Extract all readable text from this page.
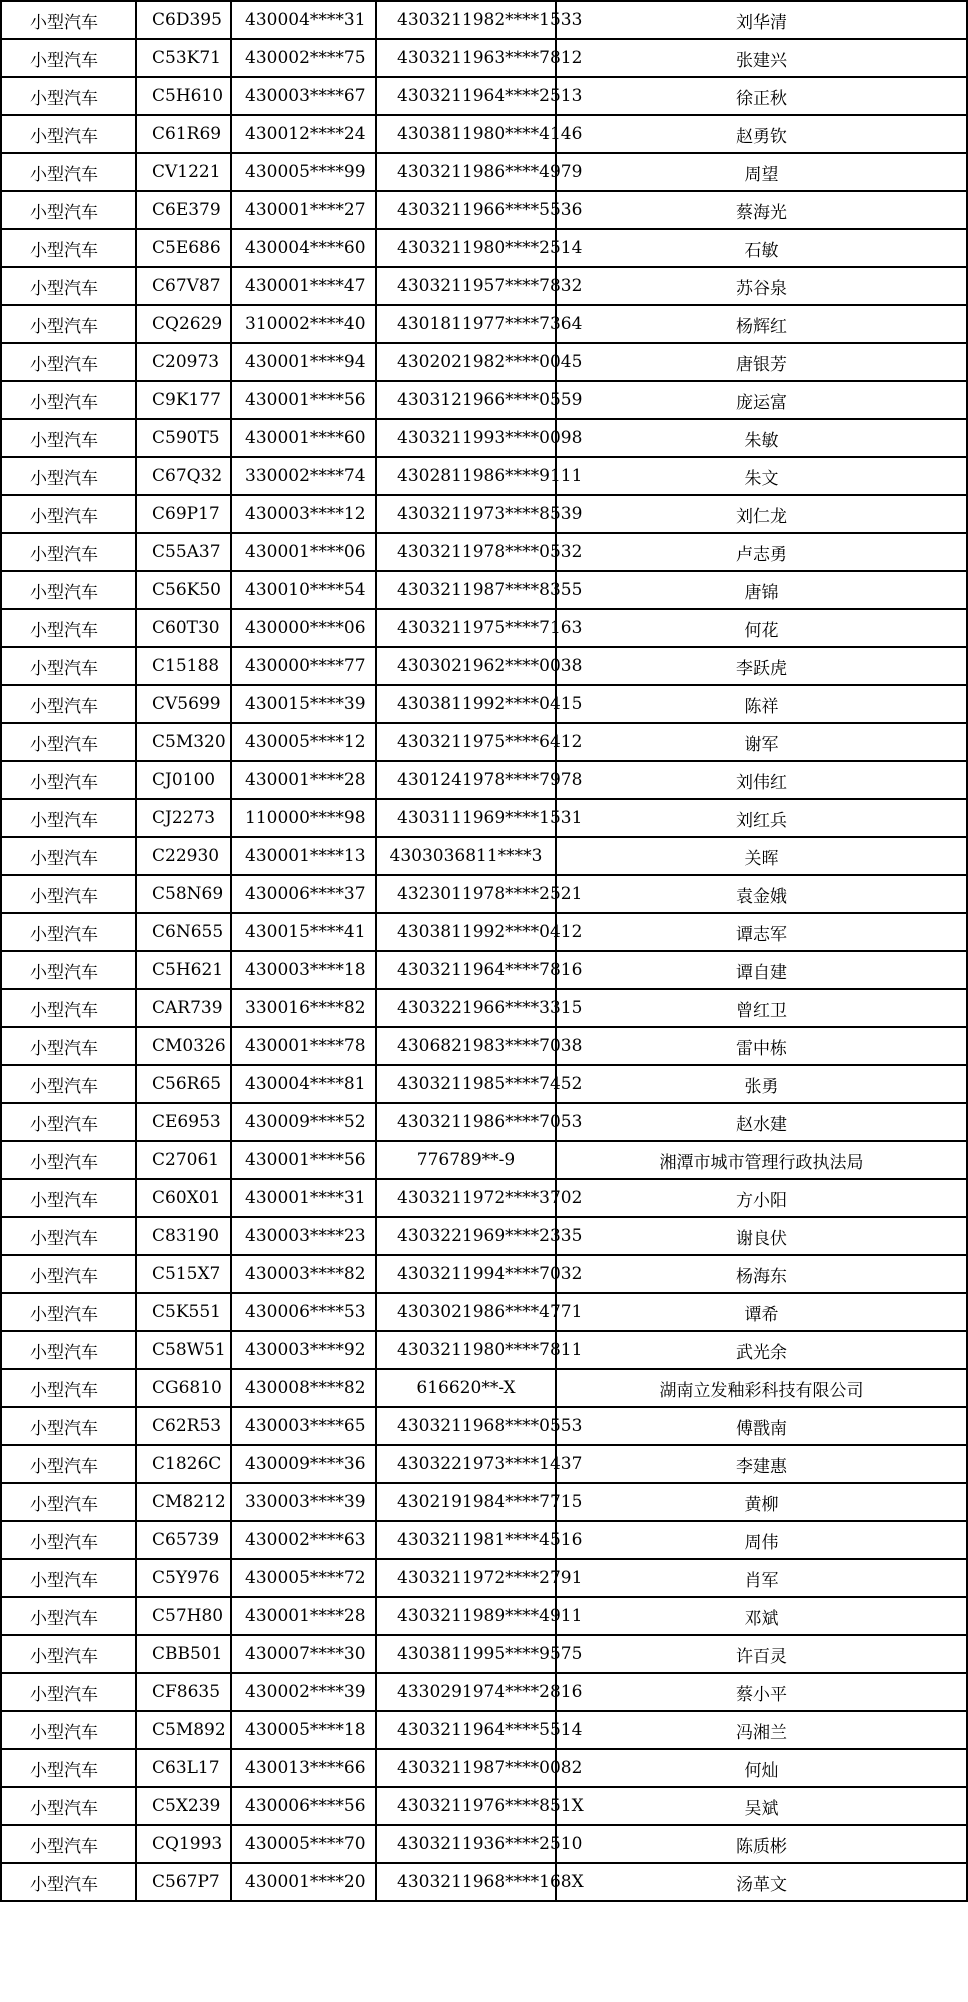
小型汽车	C6D395	430004****31	4303211982****1533	刘华清
小型汽车	C53K71	430002****75	4303211963****7812	张建兴
小型汽车	C5H610	430003****67	4303211964****2513	徐正秋
小型汽车	C61R69	430012****24	4303811980****4146	赵勇钦
小型汽车	CV1221	430005****99	4303211986****4979	周望
小型汽车	C6E379	430001****27	4303211966****5536	蔡海光
小型汽车	C5E686	430004****60	4303211980****2514	石敏
小型汽车	C67V87	430001****47	4303211957****7832	苏谷泉
小型汽车	CQ2629	310002****40	4301811977****7364	杨辉红
小型汽车	C20973	430001****94	4302021982****0045	唐银芳
小型汽车	C9K177	430001****56	4303121966****0559	庞运富
小型汽车	C590T5	430001****60	4303211993****0098	朱敏
小型汽车	C67Q32	330002****74	4302811986****9111	朱文
小型汽车	C69P17	430003****12	4303211973****8539	刘仁龙
小型汽车	C55A37	430001****06	4303211978****0532	卢志勇
小型汽车	C56K50	430010****54	4303211987****8355	唐锦
小型汽车	C60T30	430000****06	4303211975****7163	何花
小型汽车	C15188	430000****77	4303021962****0038	李跃虎
小型汽车	CV5699	430015****39	4303811992****0415	陈祥
小型汽车	C5M320	430005****12	4303211975****6412	谢军
小型汽车	CJ0100	430001****28	4301241978****7978	刘伟红
小型汽车	CJ2273	110000****98	4303111969****1531	刘红兵
小型汽车	C22930	430001****13	4303036811****3	关晖
小型汽车	C58N69	430006****37	4323011978****2521	袁金娥
小型汽车	C6N655	430015****41	4303811992****0412	谭志军
小型汽车	C5H621	430003****18	4303211964****7816	谭自建
小型汽车	CAR739	330016****82	4303221966****3315	曾红卫
小型汽车	CM0326	430001****78	4306821983****7038	雷中栋
小型汽车	C56R65	430004****81	4303211985****7452	张勇
小型汽车	CE6953	430009****52	4303211986****7053	赵水建
小型汽车	C27061	430001****56	776789**-9	湘潭市城市管理行政执法局
小型汽车	C60X01	430001****31	4303211972****3702	方小阳
小型汽车	C83190	430003****23	4303221969****2335	谢良伏
小型汽车	C515X7	430003****82	4303211994****7032	杨海东
小型汽车	C5K551	430006****53	4303021986****4771	谭希
小型汽车	C58W51	430003****92	4303211980****7811	武光余
小型汽车	CG6810	430008****82	616620**-X	湖南立发釉彩科技有限公司
小型汽车	C62R53	430003****65	4303211968****0553	傅戬南
小型汽车	C1826C	430009****36	4303221973****1437	李建惠
小型汽车	CM8212	330003****39	4302191984****7715	黄柳
小型汽车	C65739	430002****63	4303211981****4516	周伟
小型汽车	C5Y976	430005****72	4303211972****2791	肖军
小型汽车	C57H80	430001****28	4303211989****4911	邓斌
小型汽车	CBB501	430007****30	4303811995****9575	许百灵
小型汽车	CF8635	430002****39	4330291974****2816	蔡小平
小型汽车	C5M892	430005****18	4303211964****5514	冯湘兰
小型汽车	C63L17	430013****66	4303211987****0082	何灿
小型汽车	C5X239	430006****56	4303211976****851X	吴斌
小型汽车	CQ1993	430005****70	4303211936****2510	陈质彬
小型汽车	C567P7	430001****20	4303211968****168X	汤革文
